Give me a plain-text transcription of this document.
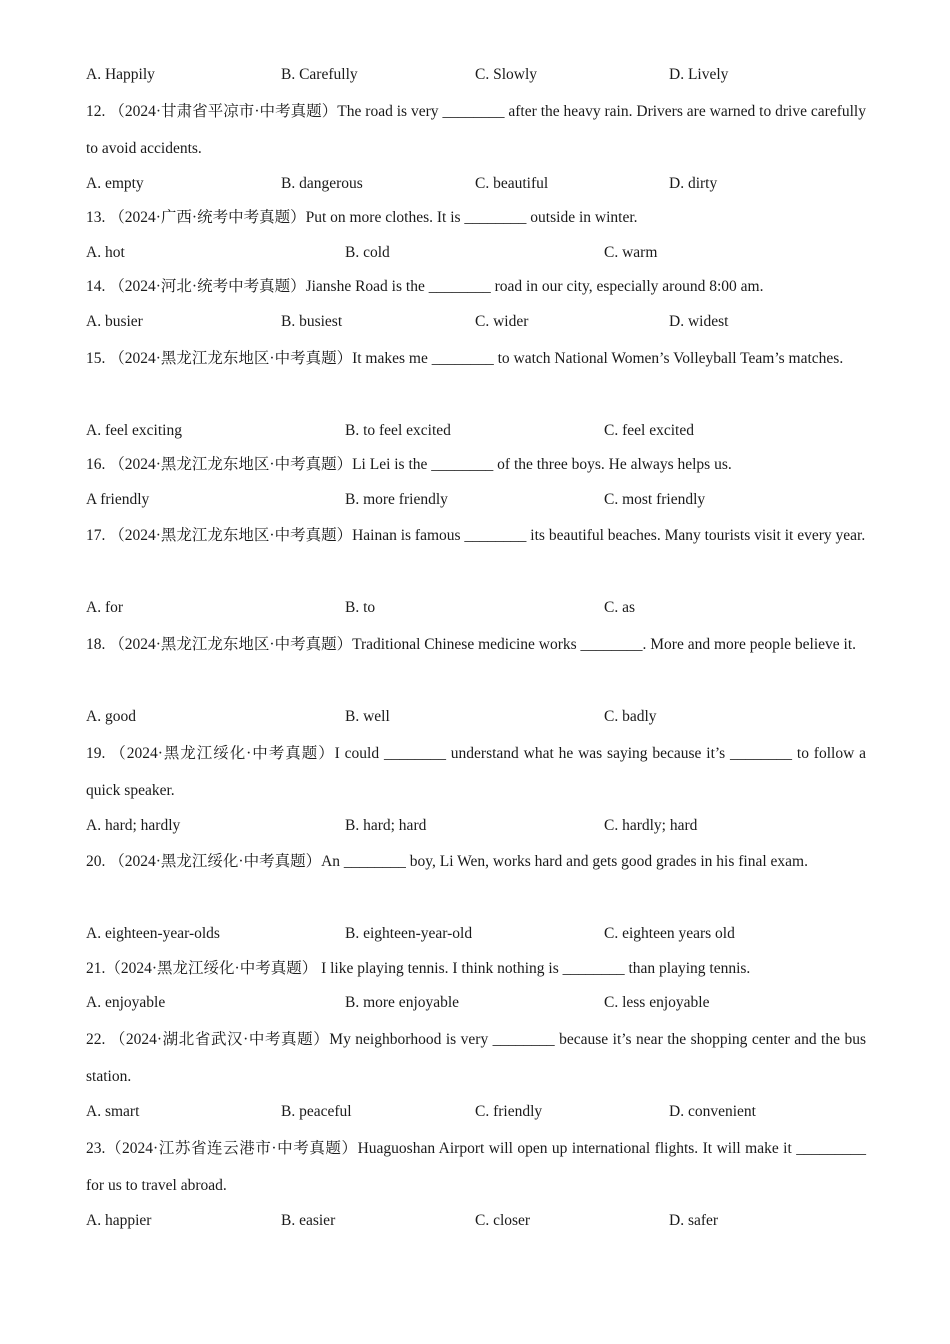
A. Happily	B. Carefully	C. Slowly	D. Lively
12. （2024·甘肃省平凉市·中考真题）The road is very ________ after the heavy rain. Drivers are warned to drive carefully to avoid accidents.
A. empty	B. dangerous	C. beautiful	D. dirty
13. （2024·广西·统考中考真题）Put on more clothes. It is ________ outside in winter.
A. hot	B. cold	C. warm
14. （2024·河北·统考中考真题）Jianshe Road is the ________ road in our city, especially around 8:00 am.
A. busier	B. busiest	C. wider	D. widest
15. （2024·黑龙江龙东地区·中考真题）It makes me ________ to watch National Women’s Volleyball Team’s matches.
A. feel exciting	B. to feel excited	C. feel excited
16. （2024·黑龙江龙东地区·中考真题）Li Lei is the ________ of the three boys. He always helps us.
A friendly	B. more friendly	C. most friendly
17. （2024·黑龙江龙东地区·中考真题）Hainan is famous ________ its beautiful beaches. Many tourists visit it every year.
A. for	B. to	C. as
18. （2024·黑龙江龙东地区·中考真题）Traditional Chinese medicine works ________. More and more people believe it.
A. good	B. well	C. badly
19. （2024·黑龙江绥化·中考真题）I could ________ understand what he was saying because it’s ________ to follow a quick speaker.
A. hard; hardly	B. hard; hard	C. hardly; hard
20. （2024·黑龙江绥化·中考真题）An ________ boy, Li Wen, works hard and gets good grades in his final exam.
A. eighteen-year-olds	B. eighteen-year-old	C. eighteen years old
21.（2024·黑龙江绥化·中考真题） I like playing tennis. I think nothing is ________ than playing tennis.
A. enjoyable	B. more enjoyable	C. less enjoyable
22. （2024·湖北省武汉·中考真题）My neighborhood is very ________ because it’s near the shopping center and the bus station.
A. smart	B. peaceful	C. friendly	D. convenient
23.（2024·江苏省连云港市·中考真题）Huaguoshan Airport will open up international flights. It will make it _________ for us to travel abroad.
A. happier	B. easier	C. closer	D. safer
